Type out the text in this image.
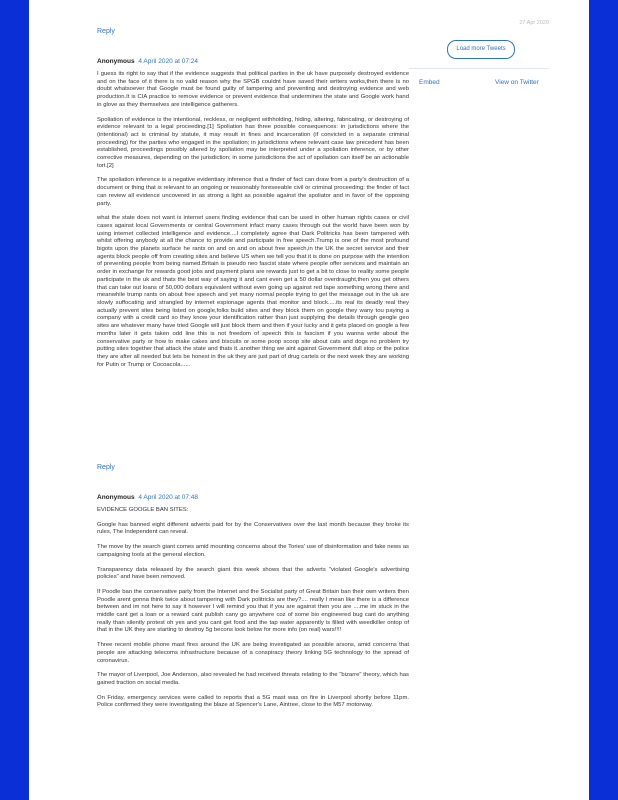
Reply
Anonymous 4 April 2020 at 07:24

I guess its right to say that if the evidence suggests that political parties in the uk have purposely destroyed evidence and on the face of it there is no valid reason why the SPGB couldnt have saved their writers works,then there is no doubt whatsoever that Google must be found guilty of tampering and preventing and destroying evidence and web production.It is CIA practice to remove evidence or prevent evidence that undermines the state and Google work hand in glove as they themselves are intelligence gatherers.

Spoliation of evidence is the intentional, reckless, or negligent withholding, hiding, altering, fabricating, or destroying of evidence relevant to a legal proceeding.[1] Spoliation has three possible consequences: in jurisdictions where the (intentional) act is criminal by statute, it may result in fines and incarceration (if convicted in a separate criminal proceeding) for the parties who engaged in the spoliation; in jurisdictions where relevant case law precedent has been established, proceedings possibly altered by spoliation may be interpreted under a spoliation inference, or by other corrective measures, depending on the jurisdiction; in some jurisdictions the act of spoliation can itself be an actionable tort.[2]

The spoliation inference is a negative evidentiary inference that a finder of fact can draw from a party's destruction of a document or thing that is relevant to an ongoing or reasonably foreseeable civil or criminal proceeding: the finder of fact can review all evidence uncovered in as strong a light as possible against the spoliator and in favor of the opposing party.

what the state does not want is internet users finding evidence that can be used in other human rights cases or civil cases against local Governments or central Government infact many cases through out the world have been won by using internet collected intelligence and evidence....I completely agree that Dark Politricks has been tampered with whilst offering anybody at all the chance to provide and participate in free speech.Trump is one of the most profound bigots upon the planets surface he rants on and on and on about free speech,in the UK the secret service and their agents block people off from creating sites and believe US when we tell you that it is done on purpose with the intention of preventing people from being named.Britain is pseudo neo fascist state where people offer services and maintain an order in exchange for rewards good jobs and payment plans are rewards just to get a bit to close to reality some people participate in the uk and thats the best way of saying it and cant even get a 50 dollar overdraught,then you get others that can take out loans of 50,000 dollars equivalent without even going up against red tape something wrong there and meanwhile trump rants on about free speech and yet many normal people trying to get the message out in the uk are slowly suffocating and strangled by internet espionage agents that monitor and block.....its real its deadly real they actually prevent sites being listed on google,folks build sites and they block them on google they wany tou paying a company with a credit card so they know your identification rather than just supplying the details through geogle geo sites are whatever many have tried Google will just block them and then if your lucky and it gets placed on google a few months later it gets taken odd line this is not freedom of speech this is fascism if you wanna write about the conservative party or how to make cakes and biscuits or some poop scoop site about cats and dogs no problem try putting sites together that attack the state and thats it..another thing we aint against Government dull stop or the police they are after all needed but lets be honest in the uk they are just part of drug cartels or the next week they are working for Putin or Trump or Cocoacola......

Reply
Anonymous 4 April 2020 at 07:48

EVIDENCE GOOGLE BAN SITES:

Google has banned eight different adverts paid for by the Conservatives over the last month because they broke its rules, The Independent can reveal.

The move by the search giant comes amid mounting concerns about the Tories' use of disinformation and fake news as campaigning tools at the general election.

Transparency data released by the search giant this week shows that the adverts "violated Google's advertising policies" and have been removed.

If Poodle ban the conservative party from the Internet and the Socialist party of Great Britain ban their own writers then Poodle arent gonna think twice about tampering with Dark politricks are they?.... really I mean like there is a difference between and im not here to say it however I will remind you that if you are against then you are ....me im stuck in the middle cant get a loan or a reward cant publish cany go anywhere coz of some bio engineered bug cant do anything really than silently protest oh yes and you cant get food and the tap water apparently is filled with weedkiller ontop of that in the UK they are starting to destroy 5g becons look below for more info (on real) wars!!!!

Three recent mobile phone mast fires around the UK are being investigated as possible arsons, amid concerns that people are attacking telecoms infrastructure because of a conspiracy theory linking 5G technology to the spread of coronavirus.

The mayor of Liverpool, Joe Anderson, also revealed he had received threats relating to the "bizarre" theory, which has gained traction on social media.

On Friday, emergency services were called to reports that a 5G mast was on fire in Liverpool shortly before 11pm. Police confirmed they were investigating the blaze at Spencer's Lane, Aintree, close to the M57 motorway.

27 Apr 2020
Load more Tweets
Embed	View on Twitter
